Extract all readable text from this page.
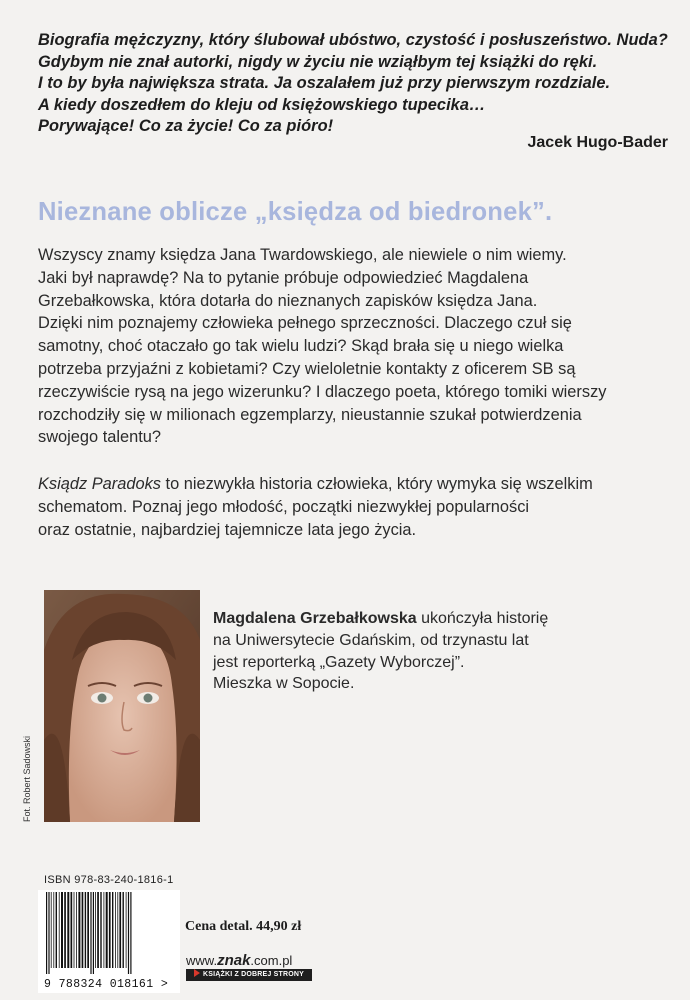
Biografia mężczyzny, który ślubował ubóstwo, czystość i posłuszeństwo. Nuda?
Gdybym nie znał autorki, nigdy w życiu nie wziąłbym tej książki do ręki.
I to by była największa strata. Ja oszalałem już przy pierwszym rozdziale.
A kiedy doszedłem do kleju od księżowskiego tupecika…
Porywające! Co za życie! Co za pióro!
Jacek Hugo-Bader
Nieznane oblicze „księdza od biedronek”.
Wszyscy znamy księdza Jana Twardowskiego, ale niewiele o nim wiemy.
Jaki był naprawdę? Na to pytanie próbuje odpowiedzieć Magdalena
Grzebałkowska, która dotarła do nieznanych zapisków księdza Jana.
Dzięki nim poznajemy człowieka pełnego sprzeczności. Dlaczego czuł się
samotny, choć otaczało go tak wielu ludzi? Skąd brała się u niego wielka
potrzeba przyjaźni z kobietami? Czy wieloletnie kontakty z oficerem SB są
rzeczywiście rysą na jego wizerunku? I dlaczego poeta, którego tomiki wierszy
rozchodziły się w milionach egzemplarzy, nieustannie szukał potwierdzenia
swojego talentu?
Ksiądz Paradoks to niezwykła historia człowieka, który wymyka się wszelkim
schematom. Poznaj jego młodość, początki niezwykłej popularności
oraz ostatnie, najbardziej tajemnicze lata jego życia.
Fot. Robert Sadowski
Magdalena Grzebałkowska ukończyła historię
na Uniwersytecie Gdańskim, od trzynastu lat
jest reporterką „Gazety Wyborczej”.
Mieszka w Sopocie.
ISBN 978-83-240-1816-1
9 788324 018161 >
Cena detal. 44,90 zł
www.znak.com.pl
KSIĄŻKI Z DOBREJ STRONY
